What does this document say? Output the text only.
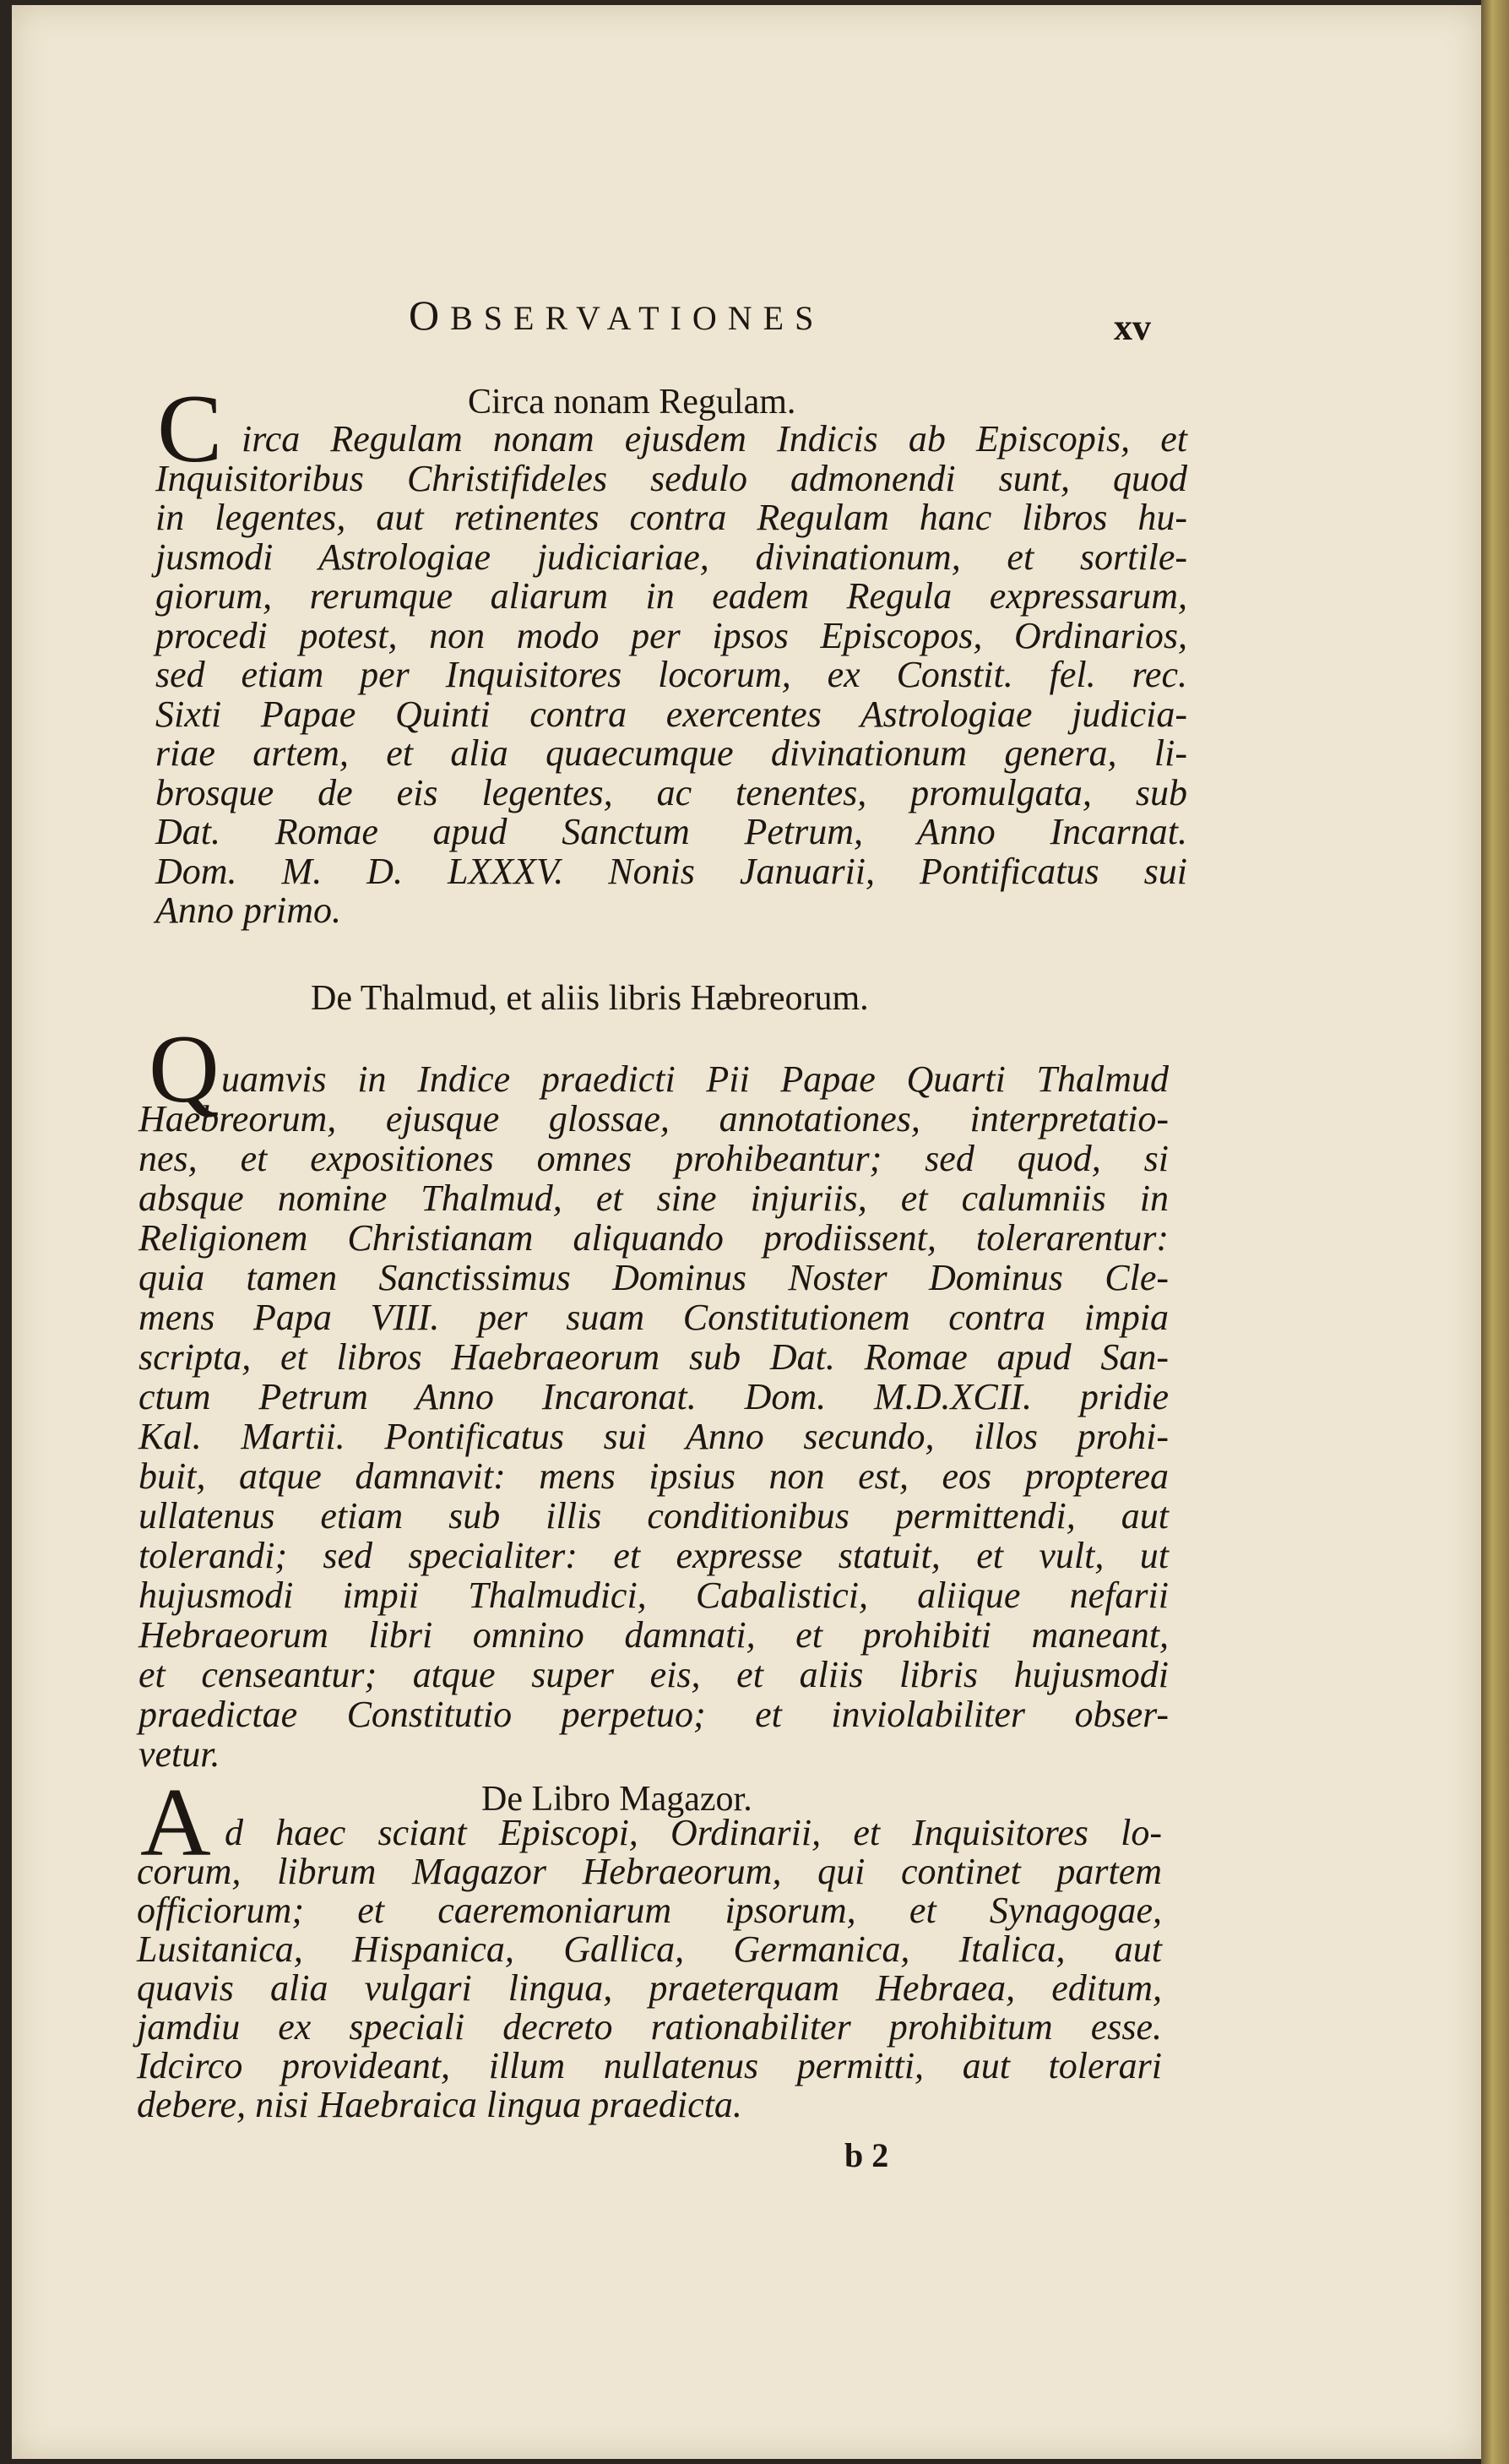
OBSERVATIONES	xv
Circa nonam Regulam.
C irca Regulam nonam ejusdem Indicis ab Episcopis, et
Inquisitoribus Christifideles sedulo admonendi sunt, quod
in legentes, aut retinentes contra Regulam hanc libros hu-
jusmodi Astrologiae judiciariae, divinationum, et sortile-
giorum, rerumque aliarum in eadem Regula expressarum,
procedi potest, non modo per ipsos Episcopos, Ordinarios,
sed etiam per Inquisitores locorum, ex Constit. fel. rec.
Sixti Papae Quinti contra exercentes Astrologiae judicia-
riae artem, et alia quaecumque divinationum genera, li-
brosque de eis legentes, ac tenentes, promulgata, sub
Dat. Romae apud Sanctum Petrum, Anno Incarnat.
Dom. M. D. LXXXV. Nonis Januarii, Pontificatus sui
Anno primo.
De Thalmud, et aliis libris Hæbreorum.
Q uamvis in Indice praedicti Pii Papae Quarti Thalmud
Haebreorum, ejusque glossae, annotationes, interpretatio-
nes, et expositiones omnes prohibeantur; sed quod, si
absque nomine Thalmud, et sine injuriis, et calumniis in
Religionem Christianam aliquando prodiissent, tolerarentur:
quia tamen Sanctissimus Dominus Noster Dominus Cle-
mens Papa VIII. per suam Constitutionem contra impia
scripta, et libros Haebraeorum sub Dat. Romae apud San-
ctum Petrum Anno Incaronat. Dom. M.D.XCII. pridie
Kal. Martii. Pontificatus sui Anno secundo, illos prohi-
buit, atque damnavit: mens ipsius non est, eos propterea
ullatenus etiam sub illis conditionibus permittendi, aut
tolerandi; sed specialiter: et expresse statuit, et vult, ut
hujusmodi impii Thalmudici, Cabalistici, aliique nefarii
Hebraeorum libri omnino damnati, et prohibiti maneant,
et censeantur; atque super eis, et aliis libris hujusmodi
praedictae Constitutio perpetuo; et inviolabiliter obser-
vetur.
De Libro Magazor.
A d haec sciant Episcopi, Ordinarii, et Inquisitores lo-
corum, librum Magazor Hebraeorum, qui continet partem
officiorum; et caeremoniarum ipsorum, et Synagogae,
Lusitanica, Hispanica, Gallica, Germanica, Italica, aut
quavis alia vulgari lingua, praeterquam Hebraea, editum,
jamdiu ex speciali decreto rationabiliter prohibitum esse.
Idcirco provideant, illum nullatenus permitti, aut tolerari
debere, nisi Haebraica lingua praedicta.
b 2
